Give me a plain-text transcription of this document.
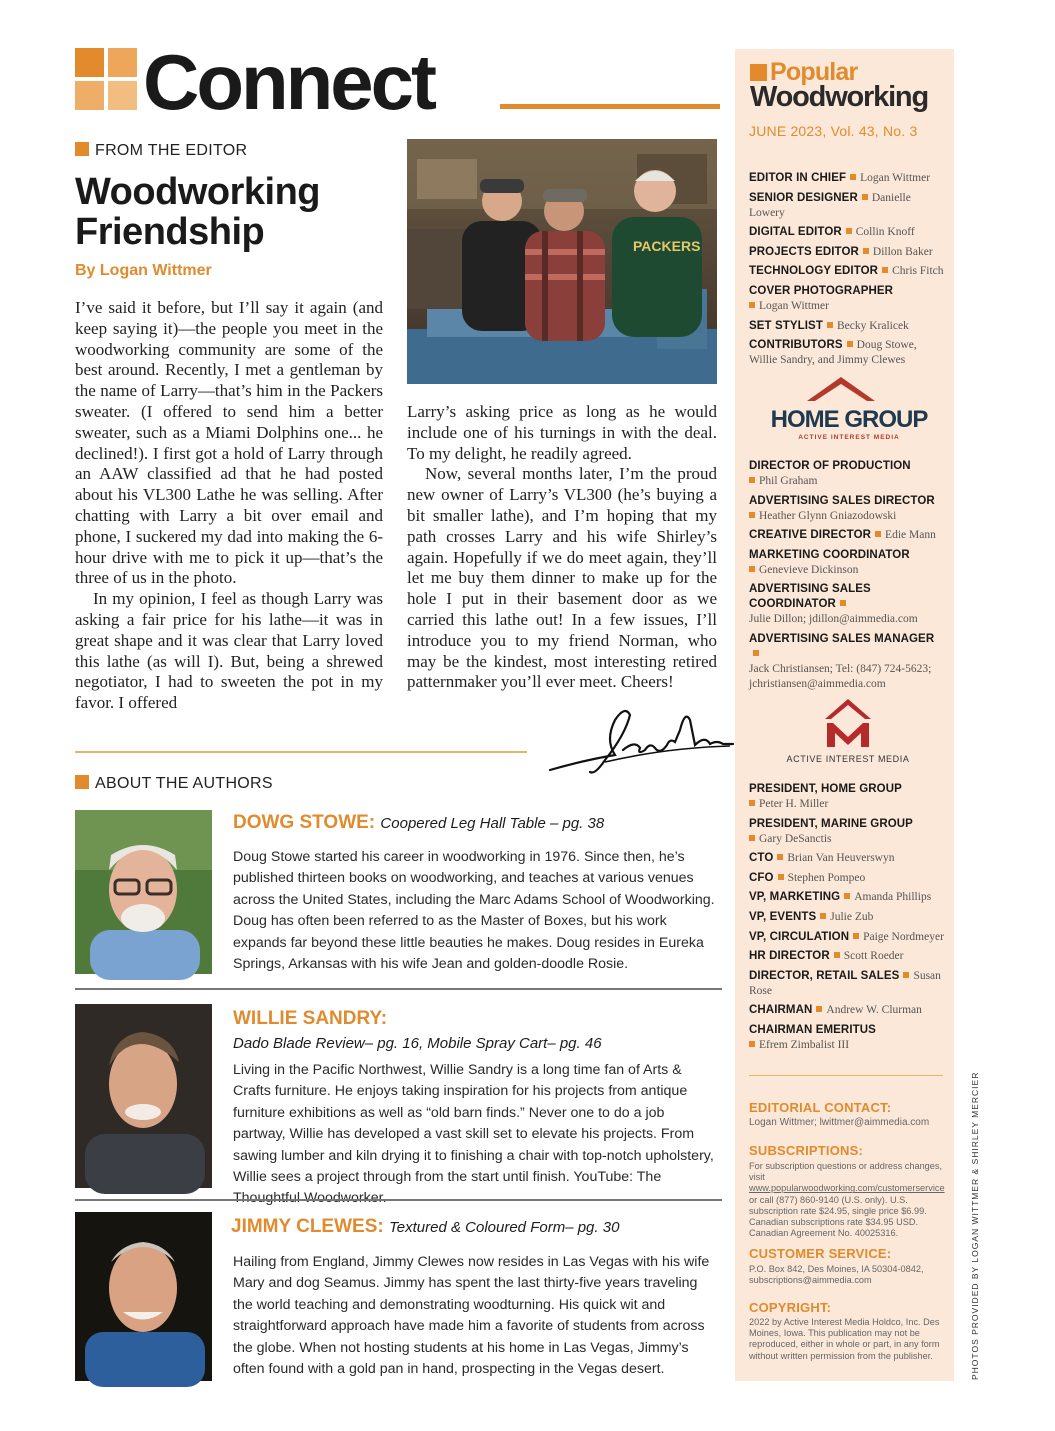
Connect
FROM THE EDITOR
Woodworking
Friendship
By Logan Wittmer

I’ve said it before, but I’ll say it again (and keep saying it)—the people you meet in the woodworking community are some of the best around. Recently, I met a gentleman by the name of Larry—that’s him in the Packers sweater. (I offered to send him a better sweater, such as a Miami Dolphins one... he declined!). I first got a hold of Larry through an AAW classified ad that he had posted about his VL300 Lathe he was selling. After chatting with Larry a bit over email and phone, I suckered my dad into making the 6-hour drive with me to pick it up—that’s the three of us in the photo.

In my opinion, I feel as though Larry was asking a fair price for his lathe—it was in great shape and it was clear that Larry loved this lathe (as will I). But, being a shrewed negotiator, I had to sweeten the pot in my favor. I offered

PACKERS

Larry’s asking price as long as he would include one of his turnings in with the deal. To my delight, he readily agreed.

Now, several months later, I’m the proud new owner of Larry’s VL300 (he’s buying a bit smaller lathe), and I’m hoping that my path crosses Larry and his wife Shirley’s again. Hopefully if we do meet again, they’ll let me buy them dinner to make up for the hole I put in their basement door as we carried this lathe out! In a few issues, I’ll introduce you to my friend Norman, who may be the kindest, most interesting retired patternmaker you’ll ever meet. Cheers!

ABOUT THE AUTHORS
DOWG STOWE: Coopered Leg Hall Table – pg. 38
Doug Stowe started his career in woodworking in 1976. Since then, he’s published thirteen books on woodworking, and teaches at various venues across the United States, including the Marc Adams School of Woodworking. Doug has often been referred to as the Master of Boxes, but his work expands far beyond these little beauties he makes. Doug resides in Eureka Springs, Arkansas with his wife Jean and golden-doodle Rosie.
WILLIE SANDRY:
Dado Blade Review– pg. 16, Mobile Spray Cart– pg. 46
Living in the Pacific Northwest, Willie Sandry is a long time fan of Arts & Crafts furniture. He enjoys taking inspiration for his projects from antique furniture exhibitions as well as “old barn finds.” Never one to do a job partway, Willie has developed a vast skill set to elevate his projects. From sawing lumber and kiln drying it to finishing a chair with top-notch upholstery, Willie sees a project through from the start until finish. YouTube: The
JIMMY CLEWES: Textured & Coloured Form– pg. 30
Hailing from England, Jimmy Clewes now resides in Las Vegas with his wife Mary and dog Seamus. Jimmy has spent the last thirty-five years traveling the world teaching and demonstrating woodturning. His quick wit and straightforward approach have made him a favorite of students from across the globe. When not hosting students at his home in Las Vegas, Jimmy’s often found with a gold pan in hand, prospecting in the Vegas desert.
Popular
Woodworking
JUNE 2023, Vol. 43, No. 3
EDITOR IN CHIEF Logan Wittmer
SENIOR DESIGNER Danielle Lowery
DIGITAL EDITOR Collin Knoff
PROJECTS EDITOR Dillon Baker
TECHNOLOGY EDITOR Chris Fitch
COVER PHOTOGRAPHER
Logan Wittmer
SET STYLIST Becky Kralicek
CONTRIBUTORS Doug Stowe, Willie Sandry, and Jimmy Clewes
HOME GROUP
ACTIVE INTEREST MEDIA
DIRECTOR OF PRODUCTION
Phil Graham
ADVERTISING SALES DIRECTOR
Heather Glynn Gniazodowski
CREATIVE DIRECTOR Edie Mann
MARKETING COORDINATOR
Genevieve Dickinson
ADVERTISING SALES COORDINATOR
Julie Dillon; jdillon@aimmedia.com
ADVERTISING SALES MANAGER
Jack Christiansen; Tel: (847) 724-5623; jchristiansen@aimmedia.com
ACTIVE INTEREST MEDIA
PRESIDENT, HOME GROUP
Peter H. Miller
PRESIDENT, MARINE GROUP
Gary DeSanctis
CTO Brian Van Heuverswyn
CFO Stephen Pompeo
VP, MARKETING Amanda Phillips
VP, EVENTS Julie Zub
VP, CIRCULATION Paige Nordmeyer
HR DIRECTOR Scott Roeder
DIRECTOR, RETAIL SALES Susan Rose
CHAIRMAN Andrew W. Clurman
CHAIRMAN EMERITUS
Efrem Zimbalist III
EDITORIAL CONTACT:
Logan Wittmer; lwittmer@aimmedia.com
SUBSCRIPTIONS:
For subscription questions or address changes, visit www.popularwoodworking.com/customerservice or call (877) 860-9140 (U.S. only). U.S. subscription rate $24.95, single price $6.99. Canadian subscriptions rate $34.95 USD. Canadian Agreement No. 40025316.
CUSTOMER SERVICE:
P.O. Box 842, Des Moines, IA 50304-0842, subscriptions@aimmedia.com
COPYRIGHT:
2022 by Active Interest Media Holdco, Inc. Des Moines, Iowa. This publication may not be reproduced, either in whole or part, in any form without written permission from the publisher.	PHOTOS PROVIDED BY LOGAN WITTMER & SHIRLEY MERCIER
